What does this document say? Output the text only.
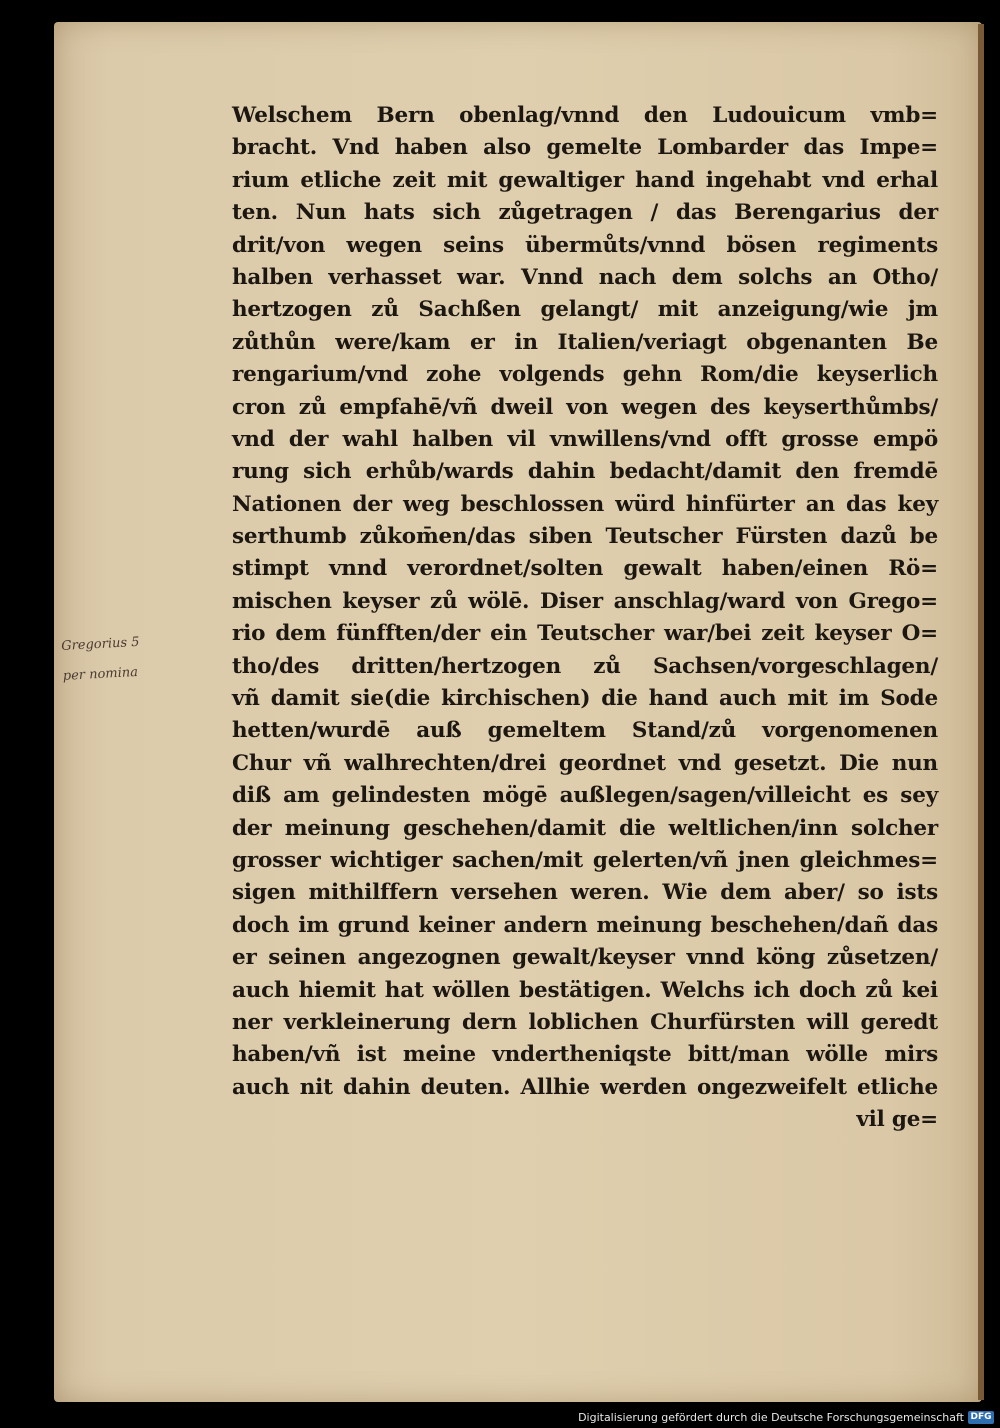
Gregorius 5
per nomina
Welschem Bern obenlag/vnnd den Ludouicum vmb=
bracht. Vnd haben also gemelte Lombarder das Impe=
rium etliche zeit mit gewaltiger hand ingehabt vnd erhal
ten. Nun hats sich zůgetragen / das Berengarius der
drit/von wegen seins übermůts/vnnd bösen regiments
halben verhasset war. Vnnd nach dem solchs an Otho/
hertzogen zů Sachßen gelangt/ mit anzeigung/wie jm
zůthůn were/kam er in Italien/veriagt obgenanten Be
rengarium/vnd zohe volgends gehn Rom/die keyserlich
cron zů empfahē/vñ dweil von wegen des keyserthůmbs/
vnd der wahl halben vil vnwillens/vnd offt grosse empö
rung sich erhůb/wards dahin bedacht/damit den fremdē
Nationen der weg beschlossen würd hinfürter an das key
serthumb zůkom̄en/das siben Teutscher Fürsten dazů be
stimpt vnnd verordnet/solten gewalt haben/einen Rö=
mischen keyser zů wölē. Diser anschlag/ward von Grego=
rio dem fünfften/der ein Teutscher war/bei zeit keyser O=
tho/des dritten/hertzogen zů Sachsen/vorgeschlagen/
vñ damit sie(die kirchischen) die hand auch mit im Sode
hetten/wurdē auß gemeltem Stand/zů vorgenomenen
Chur vñ walhrechten/drei geordnet vnd gesetzt. Die nun
diß am gelindesten mögē außlegen/sagen/villeicht es sey
der meinung geschehen/damit die weltlichen/inn solcher
grosser wichtiger sachen/mit gelerten/vñ jnen gleichmes=
sigen mithilffern versehen weren. Wie dem aber/ so ists
doch im grund keiner andern meinung beschehen/dañ das
er seinen angezognen gewalt/keyser vnnd köng zůsetzen/
auch hiemit hat wöllen bestätigen. Welchs ich doch zů kei
ner verkleinerung dern loblichen Churfürsten will geredt
haben/vñ ist meine vndertheniqste bitt/man wölle mirs
auch nit dahin deuten. Allhie werden ongezweifelt etliche
vil ge=
Digitalisierung gefördert durch die Deutsche Forschungsgemeinschaft DFG
